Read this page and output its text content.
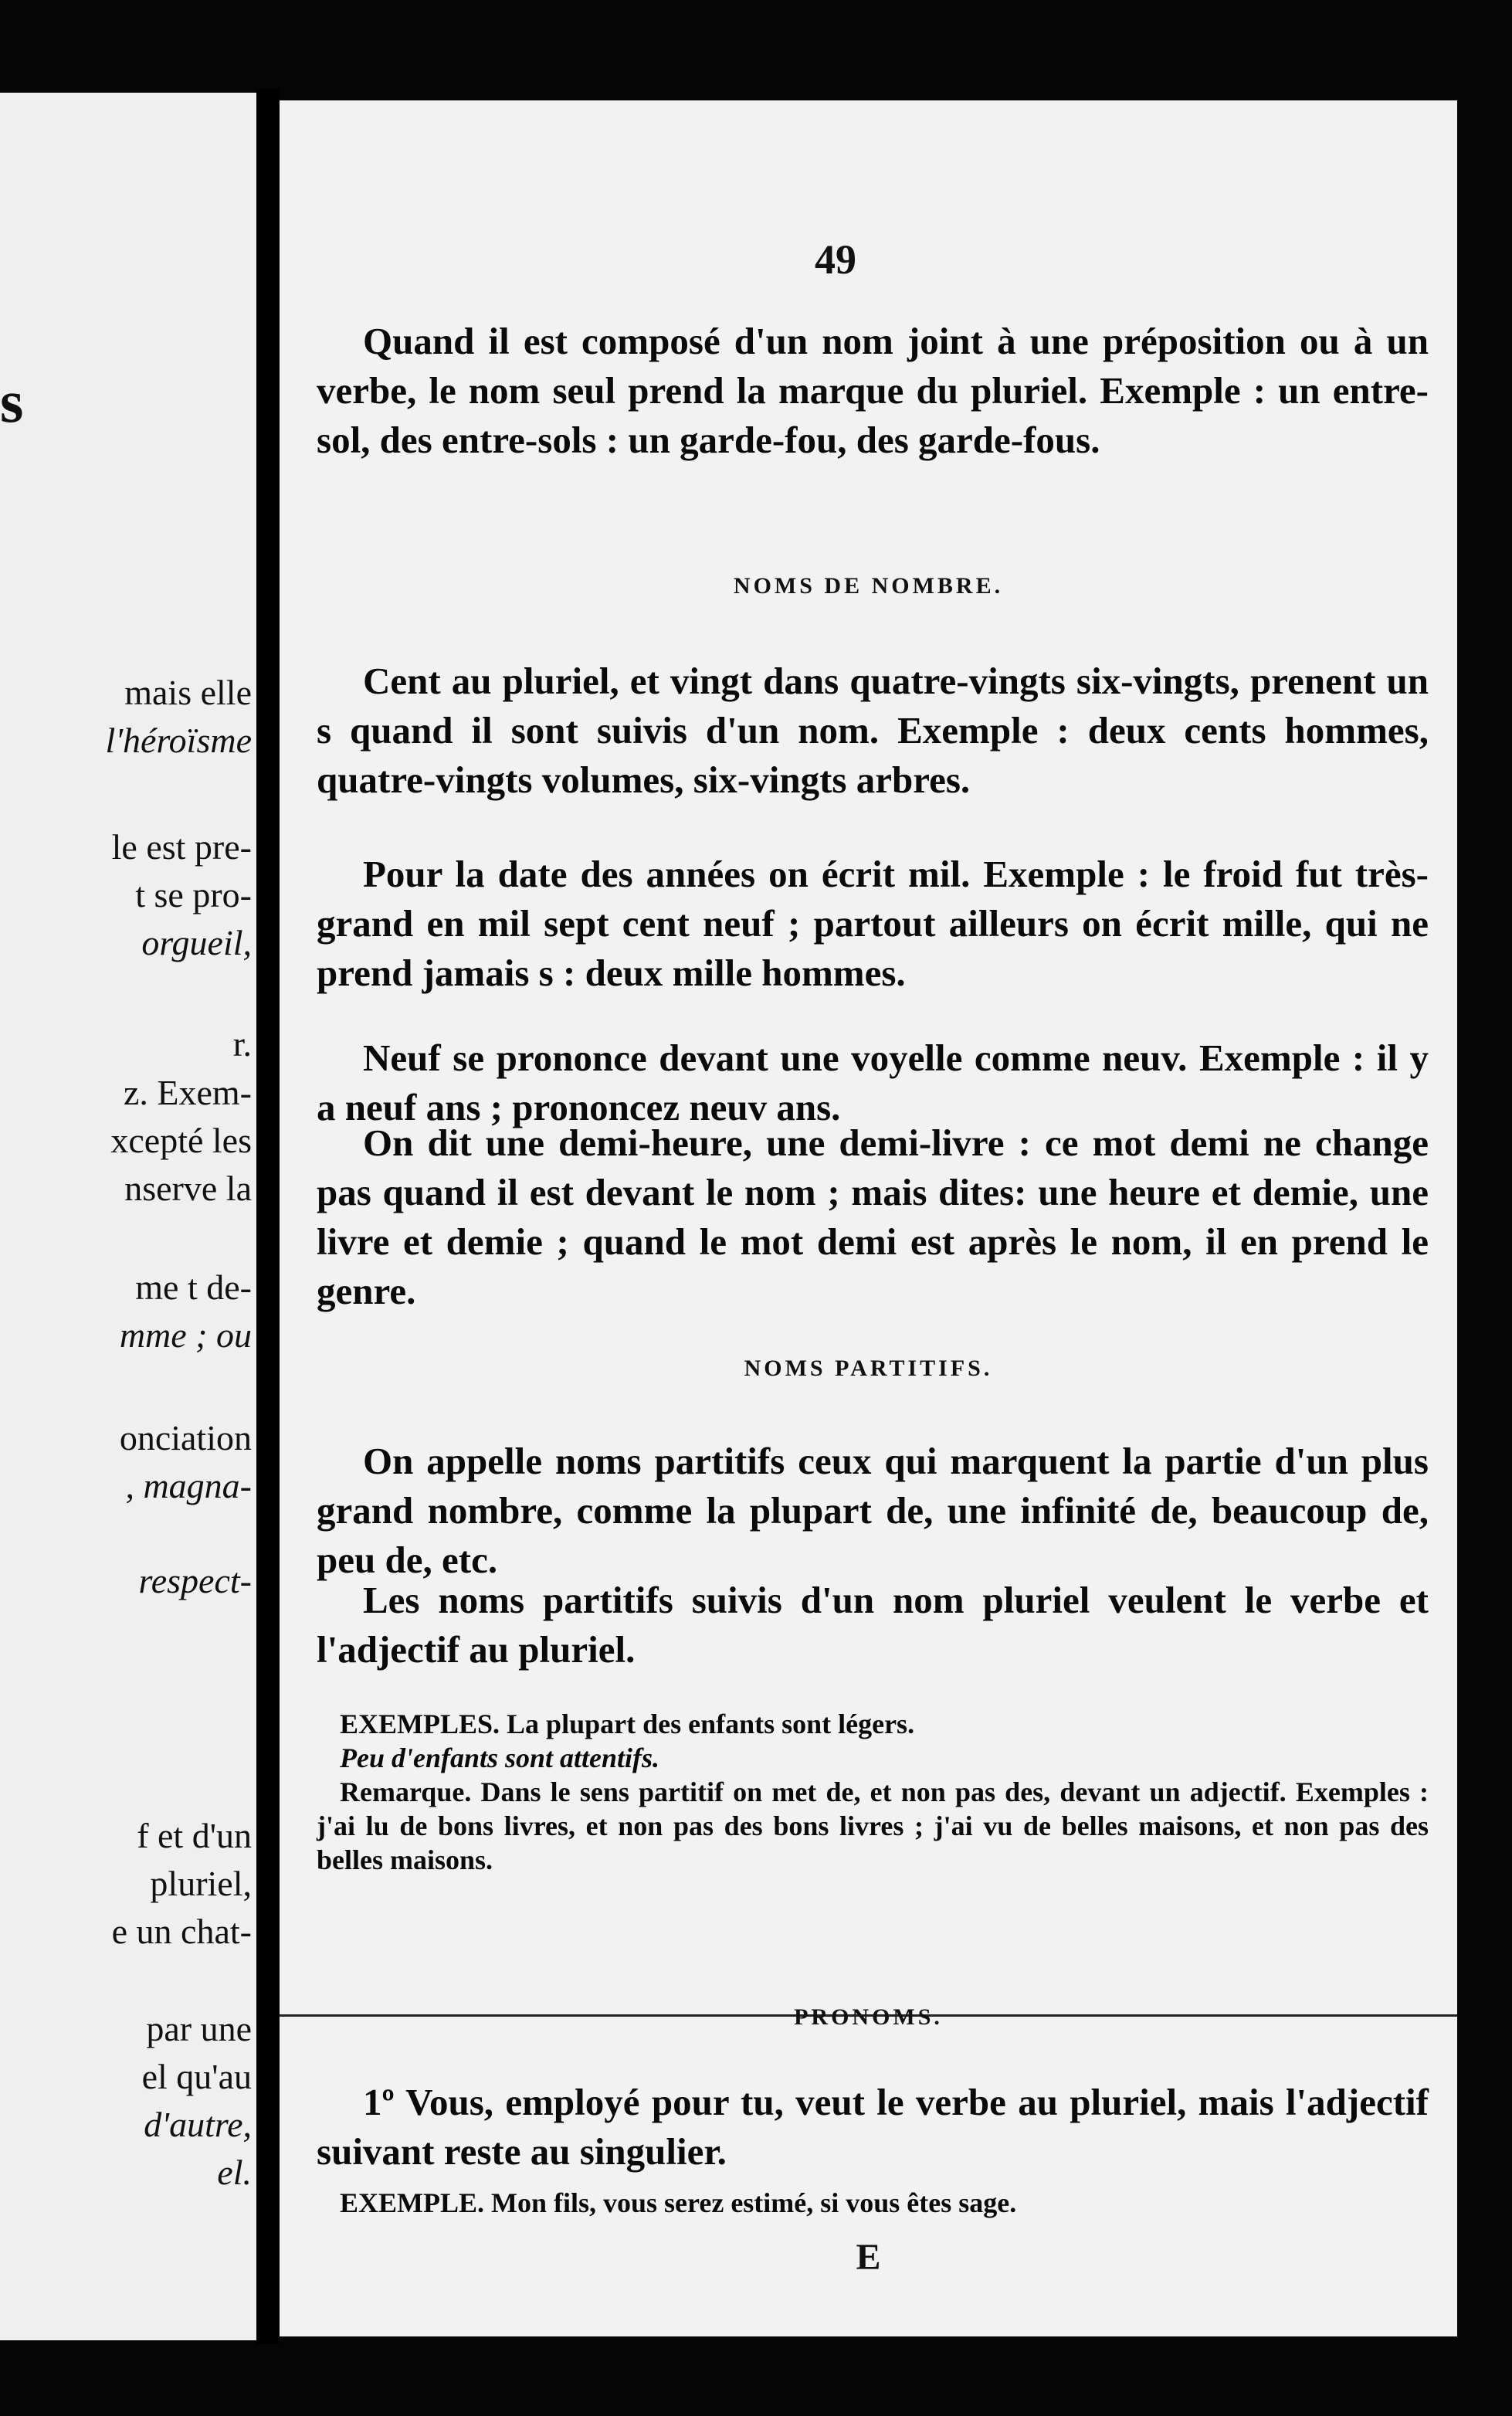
s
mais elle
l'héroïsme
le est pre-
t se pro-
orgueil,
r.
z. Exem-
xcepté les
nserve la
me t de-
mme ; ou
onciation
, magna-
respect-
f et d'un
pluriel,
e un chat-
par une
el qu'au
d'autre,
el.
49

Quand il est composé d'un nom joint à une préposition ou à un verbe, le nom seul prend la marque du pluriel. Exemple : un entre-sol, des entre-sols : un garde-fou, des garde-fous.

NOMS DE NOMBRE.

Cent au pluriel, et vingt dans quatre-vingts six-vingts, prenent un s quand il sont suivis d'un nom. Exemple : deux cents hommes, quatre-vingts volumes, six-vingts arbres.

Pour la date des années on écrit mil. Exemple : le froid fut très-grand en mil sept cent neuf ; partout ailleurs on écrit mille, qui ne prend jamais s : deux mille hommes.

Neuf se prononce devant une voyelle comme neuv. Exemple : il y a neuf ans ; prononcez neuv ans.

On dit une demi-heure, une demi-livre : ce mot demi ne change pas quand il est devant le nom ; mais dites: une heure et demie, une livre et demie ; quand le mot demi est après le nom, il en prend le genre.

NOMS PARTITIFS.

On appelle noms partitifs ceux qui marquent la partie d'un plus grand nombre, comme la plupart de, une infinité de, beaucoup de, peu de, etc.

Les noms partitifs suivis d'un nom pluriel veulent le verbe et l'adjectif au pluriel.

EXEMPLES. La plupart des enfants sont légers.

Peu d'enfants sont attentifs.

Remarque. Dans le sens partitif on met de, et non pas des, devant un adjectif. Exemples : j'ai lu de bons livres, et non pas des bons livres ; j'ai vu de belles maisons, et non pas des belles maisons.

PRONOMS.

1º Vous, employé pour tu, veut le verbe au pluriel, mais l'adjectif suivant reste au singulier.

EXEMPLE. Mon fils, vous serez estimé, si vous êtes sage.

E
